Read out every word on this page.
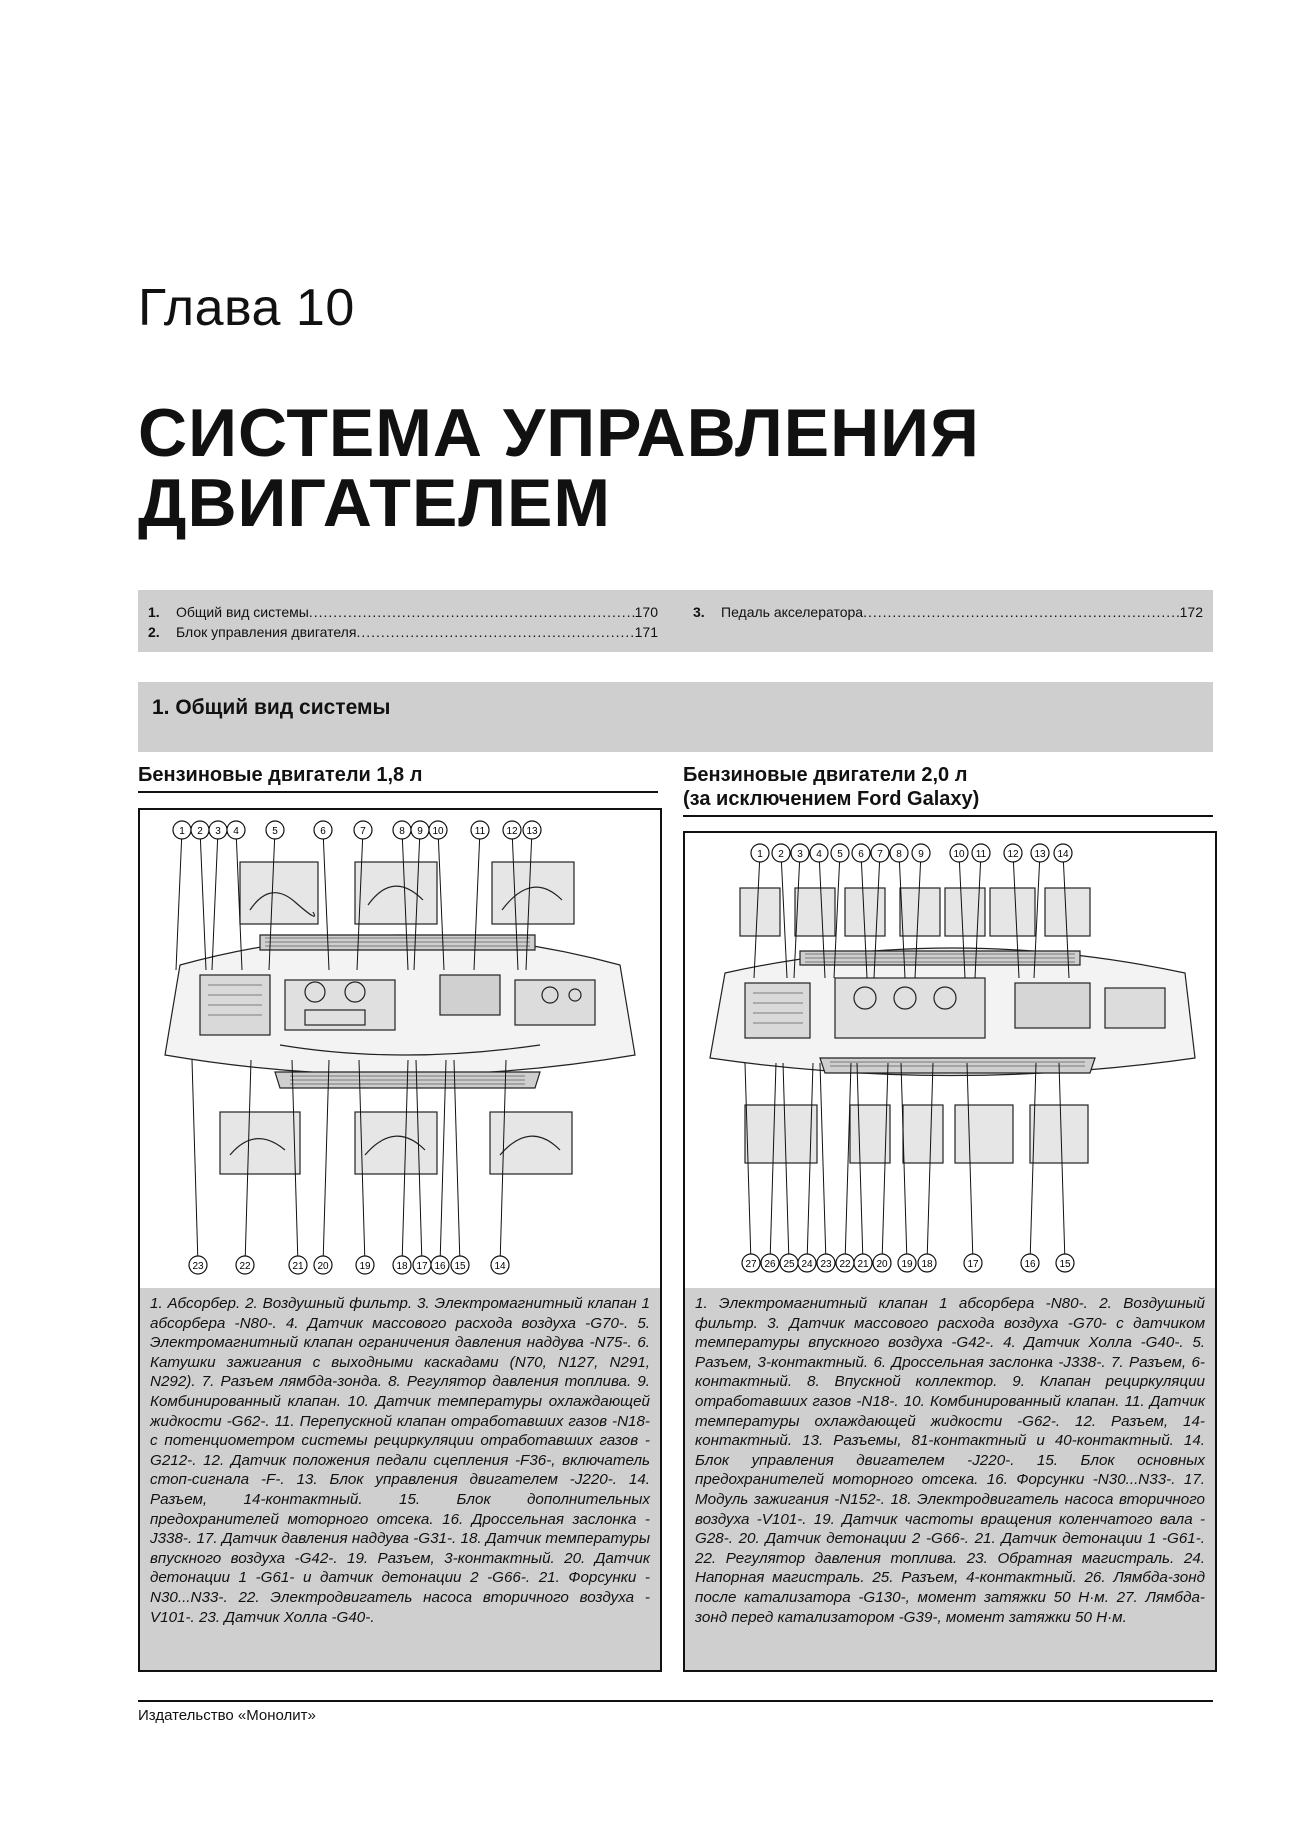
Глава 10
СИСТЕМА УПРАВЛЕНИЯ
ДВИГАТЕЛЕМ
1.	Общий вид системы .....	170
2.	Блок управления двигателя .....	171
3.	Педаль акселератора .....	172
1. Общий вид системы
Бензиновые двигатели 1,8 л	Бензиновые двигатели 2,0 л
(за исключением Ford Galaxy)
1 2 3 4	5	6	7	8 9 10	11 12 13
23	22	21 20	19	18 17 16 15	14
1 2 3 4 5 6 7 8 9	10 11 12 13 14
27 26 25 24 23 22 21 20 19 18	17	16 15
1. Абсорбер. 2. Воздушный фильтр. 3. Электромагнитный клапан 1 абсорбера -N80-. 4. Датчик массового расхода воздуха -G70-. 5. Электромагнитный клапан ограничения давления наддува -N75-. 6. Катушки зажигания с выходными каскадами (N70, N127, N291, N292). 7. Разъем лямбда-зонда. 8. Регулятор давления топлива. 9. Комбинированный клапан. 10. Датчик температуры охлаждающей жидкости -G62-. 11. Перепускной клапан отработавших газов -N18- с потенциометром системы рециркуляции отработавших газов -G212-. 12. Датчик положения педали сцепления -F36-, включатель стоп-сигнала -F-. 13. Блок управления двигателем -J220-. 14. Разъем, 14-контактный. 15. Блок дополнительных предохранителей моторного отсека. 16. Дроссельная заслонка -J338-. 17. Датчик давления наддува -G31-. 18. Датчик температуры впускного воздуха -G42-. 19. Разъем, 3-контактный. 20. Датчик детонации 1 -G61- и датчик детонации 2 -G66-. 21. Форсунки -N30...N33-. 22. Электродвигатель насоса вторичного воздуха -V101-. 23. Датчик Холла -G40-.
1. Электромагнитный клапан 1 абсорбера -N80-. 2. Воздушный фильтр. 3. Датчик массового расхода воздуха -G70- с датчиком температуры впускного воздуха -G42-. 4. Датчик Холла -G40-. 5. Разъем, 3-контактный. 6. Дроссельная заслонка -J338-. 7. Разъем, 6-контактный. 8. Впускной коллектор. 9. Клапан рециркуляции отработавших газов -N18-. 10. Комбинированный клапан. 11. Датчик температуры охлаждающей жидкости -G62-. 12. Разъем, 14-контактный. 13. Разъемы, 81-контактный и 40-контактный. 14. Блок управления двигателем -J220-. 15. Блок основных предохранителей моторного отсека. 16. Форсунки -N30...N33-. 17. Модуль зажигания -N152-. 18. Электродвигатель насоса вторичного воздуха -V101-. 19. Датчик частоты вращения коленчатого вала -G28-. 20. Датчик детонации 2 -G66-. 21. Датчик детонации 1 -G61-. 22. Регулятор давления топлива. 23. Обратная магистраль. 24. Напорная магистраль. 25. Разъем, 4-контактный. 26. Лямбда-зонд после катализатора -G130-, момент затяжки 50 Н·м. 27. Лямбда-зонд перед катализатором -G39-, момент затяжки 50 Н·м.
Издательство «Монолит»
